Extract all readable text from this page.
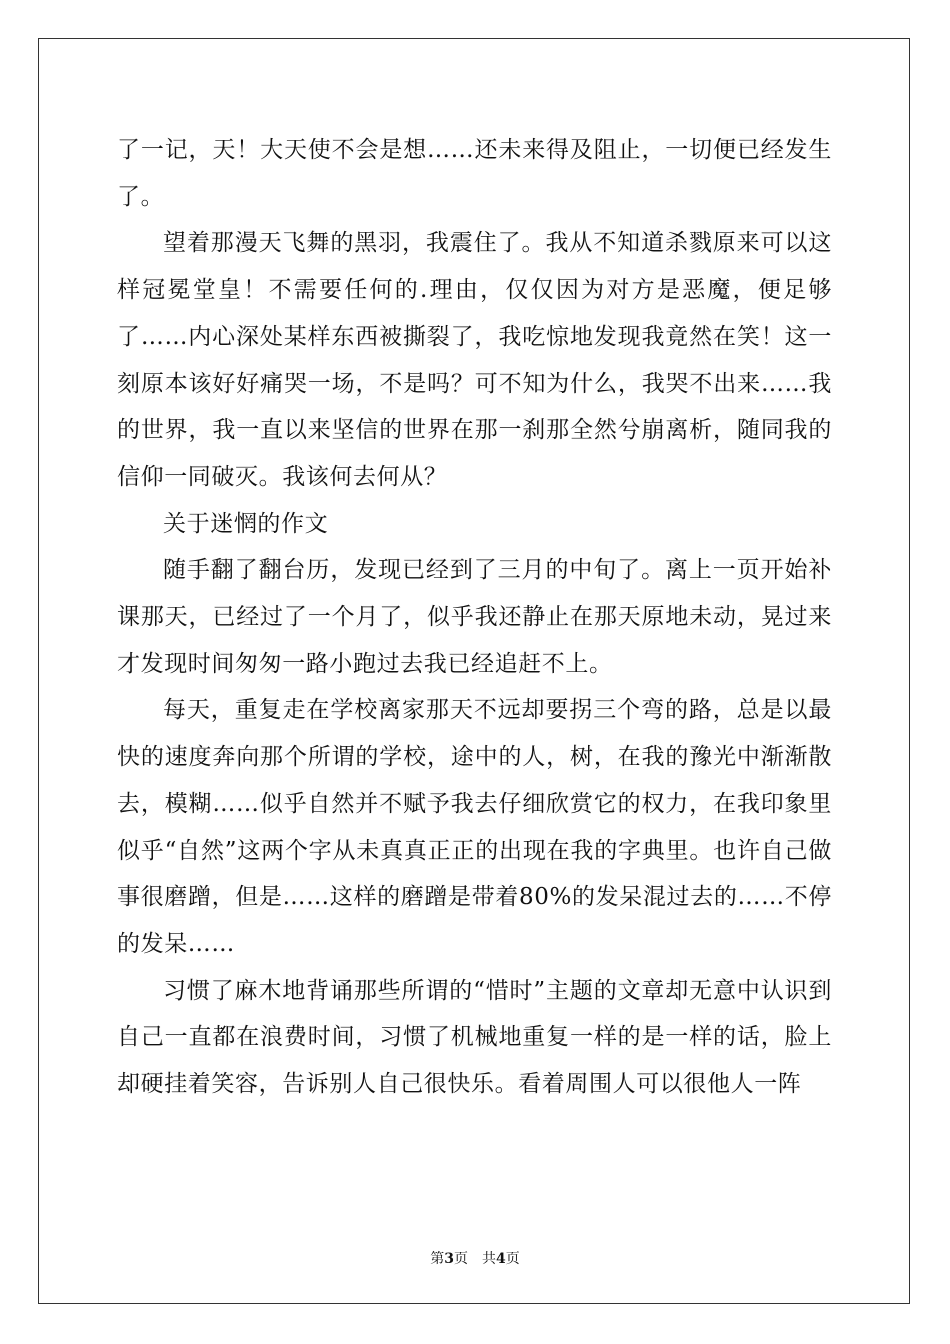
了一记，天！大天使不会是想……还未来得及阻止，一切便已经发生了。

望着那漫天飞舞的黑羽，我震住了。我从不知道杀戮原来可以这样冠冕堂皇！不需要任何的.理由，仅仅因为对方是恶魔，便足够了……内心深处某样东西被撕裂了，我吃惊地发现我竟然在笑！这一刻原本该好好痛哭一场，不是吗？可不知为什么，我哭不出来……我的世界，我一直以来坚信的世界在那一刹那全然兮崩离析，随同我的信仰一同破灭。我该何去何从？

关于迷惘的作文

随手翻了翻台历，发现已经到了三月的中旬了。离上一页开始补课那天，已经过了一个月了，似乎我还静止在那天原地未动，晃过来才发现时间匆匆一路小跑过去我已经追赶不上。

每天，重复走在学校离家那天不远却要拐三个弯的路，总是以最快的速度奔向那个所谓的学校，途中的人，树，在我的豫光中渐渐散去，模糊……似乎自然并不赋予我去仔细欣赏它的权力，在我印象里似乎“自然”这两个字从未真真正正的出现在我的字典里。也许自己做事很磨蹭，但是……这样的磨蹭是带着80%的发呆混过去的……不停的发呆……

习惯了麻木地背诵那些所谓的“惜时”主题的文章却无意中认识到自己一直都在浪费时间，习惯了机械地重复一样的是一样的话，脸上却硬挂着笑容，告诉别人自己很快乐。看着周围人可以很他人一阵

第3页 共4页
